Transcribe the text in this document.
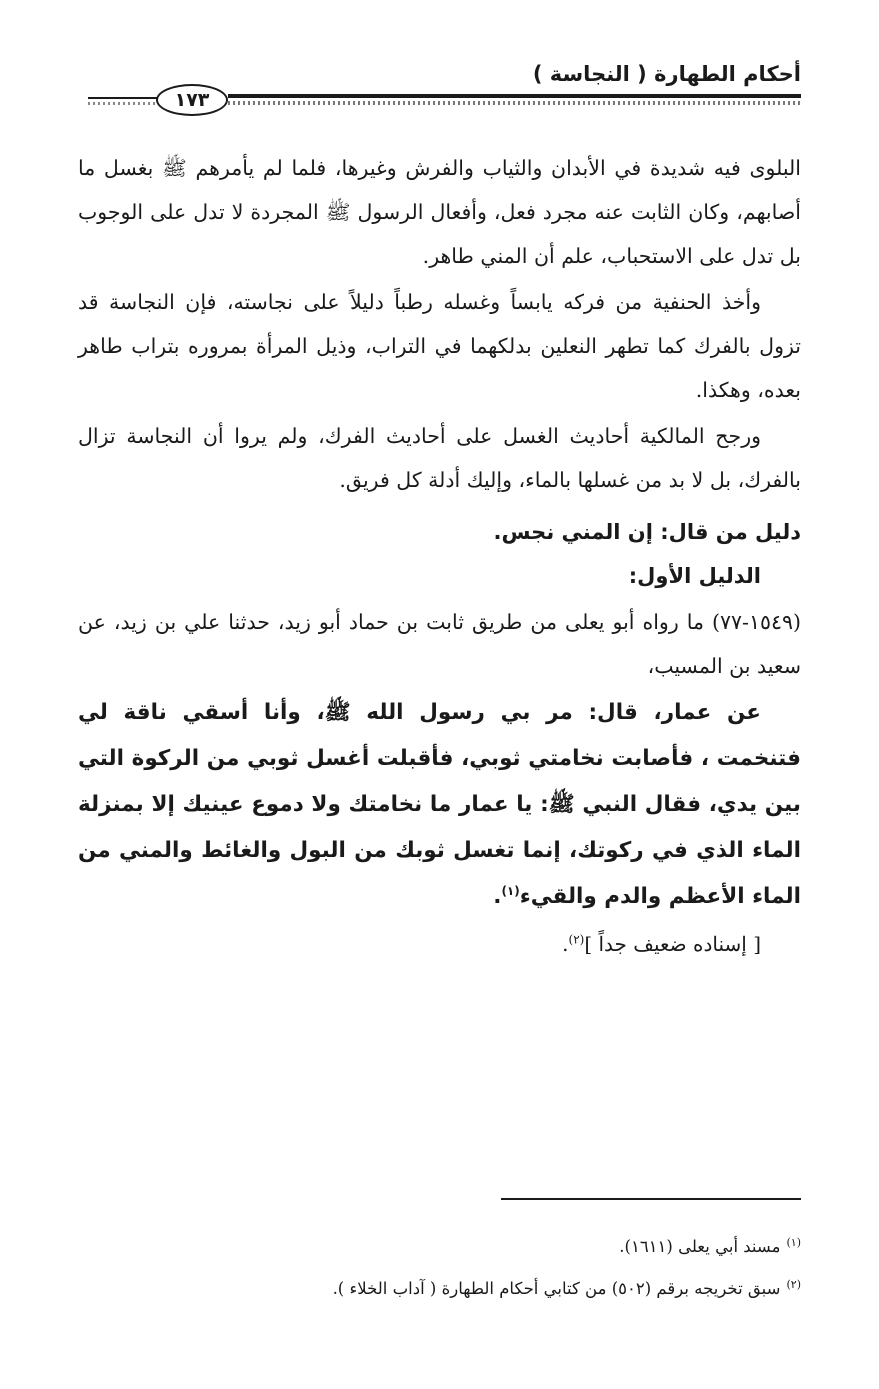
أحكام الطهارة ( النجاسة )
١٧٣

البلوى فيه شديدة في الأبدان والثياب والفرش وغيرها، فلما لم يأمرهم ﷺ بغسل ما أصابهم، وكان الثابت عنه مجرد فعل، وأفعال الرسول ﷺ المجردة لا تدل على الوجوب بل تدل على الاستحباب، علم أن المني طاهر.

وأخذ الحنفية من فركه يابساً وغسله رطباً دليلاً على نجاسته، فإن النجاسة قد تزول بالفرك كما تطهر النعلين بدلكهما في التراب، وذيل المرأة بمروره بتراب طاهر بعده، وهكذا.

ورجح المالكية أحاديث الغسل على أحاديث الفرك، ولم يروا أن النجاسة تزال بالفرك، بل لا بد من غسلها بالماء، وإليك أدلة كل فريق.

دليل من قال: إن المني نجس.
الدليل الأول:

(١٥٤٩-٧٧) ما رواه أبو يعلى من طريق ثابت بن حماد أبو زيد، حدثنا علي بن زيد، عن سعيد بن المسيب،

عن عمار، قال: مر بي رسول الله ﷺ، وأنا أسقي ناقة لي فتنخمت ، فأصابت نخامتي ثوبي، فأقبلت أغسل ثوبي من الركوة التي بين يدي، فقال النبي ﷺ: يا عمار ما نخامتك ولا دموع عينيك إلا بمنزلة الماء الذي في ركوتك، إنما تغسل ثوبك من البول والغائط والمني من الماء الأعظم والدم والقيء$^{(١)}$.

[ إسناده ضعيف جداً ]$^{(٢)}$.
$^{(١)}$مسند أبي يعلى (١٦١١).
$^{(٢)}$سبق تخريجه برقم (٥٠٢) من كتابي أحكام الطهارة ( آداب الخلاء ).
